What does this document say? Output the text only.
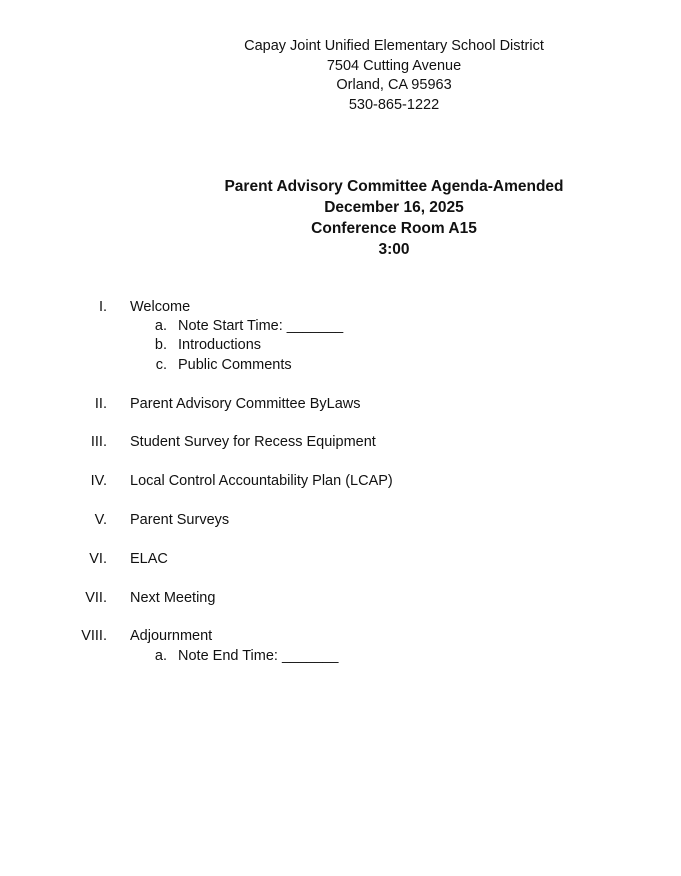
Capay Joint Unified Elementary School District
7504 Cutting Avenue
Orland, CA 95963
530-865-1222
Parent Advisory Committee Agenda-Amended
December 16, 2025
Conference Room A15
3:00
I. Welcome
a. Note Start Time: _______
b. Introductions
c. Public Comments
II. Parent Advisory Committee ByLaws
III. Student Survey for Recess Equipment
IV. Local Control Accountability Plan (LCAP)
V. Parent Surveys
VI. ELAC
VII. Next Meeting
VIII. Adjournment
a. Note End Time: _______
